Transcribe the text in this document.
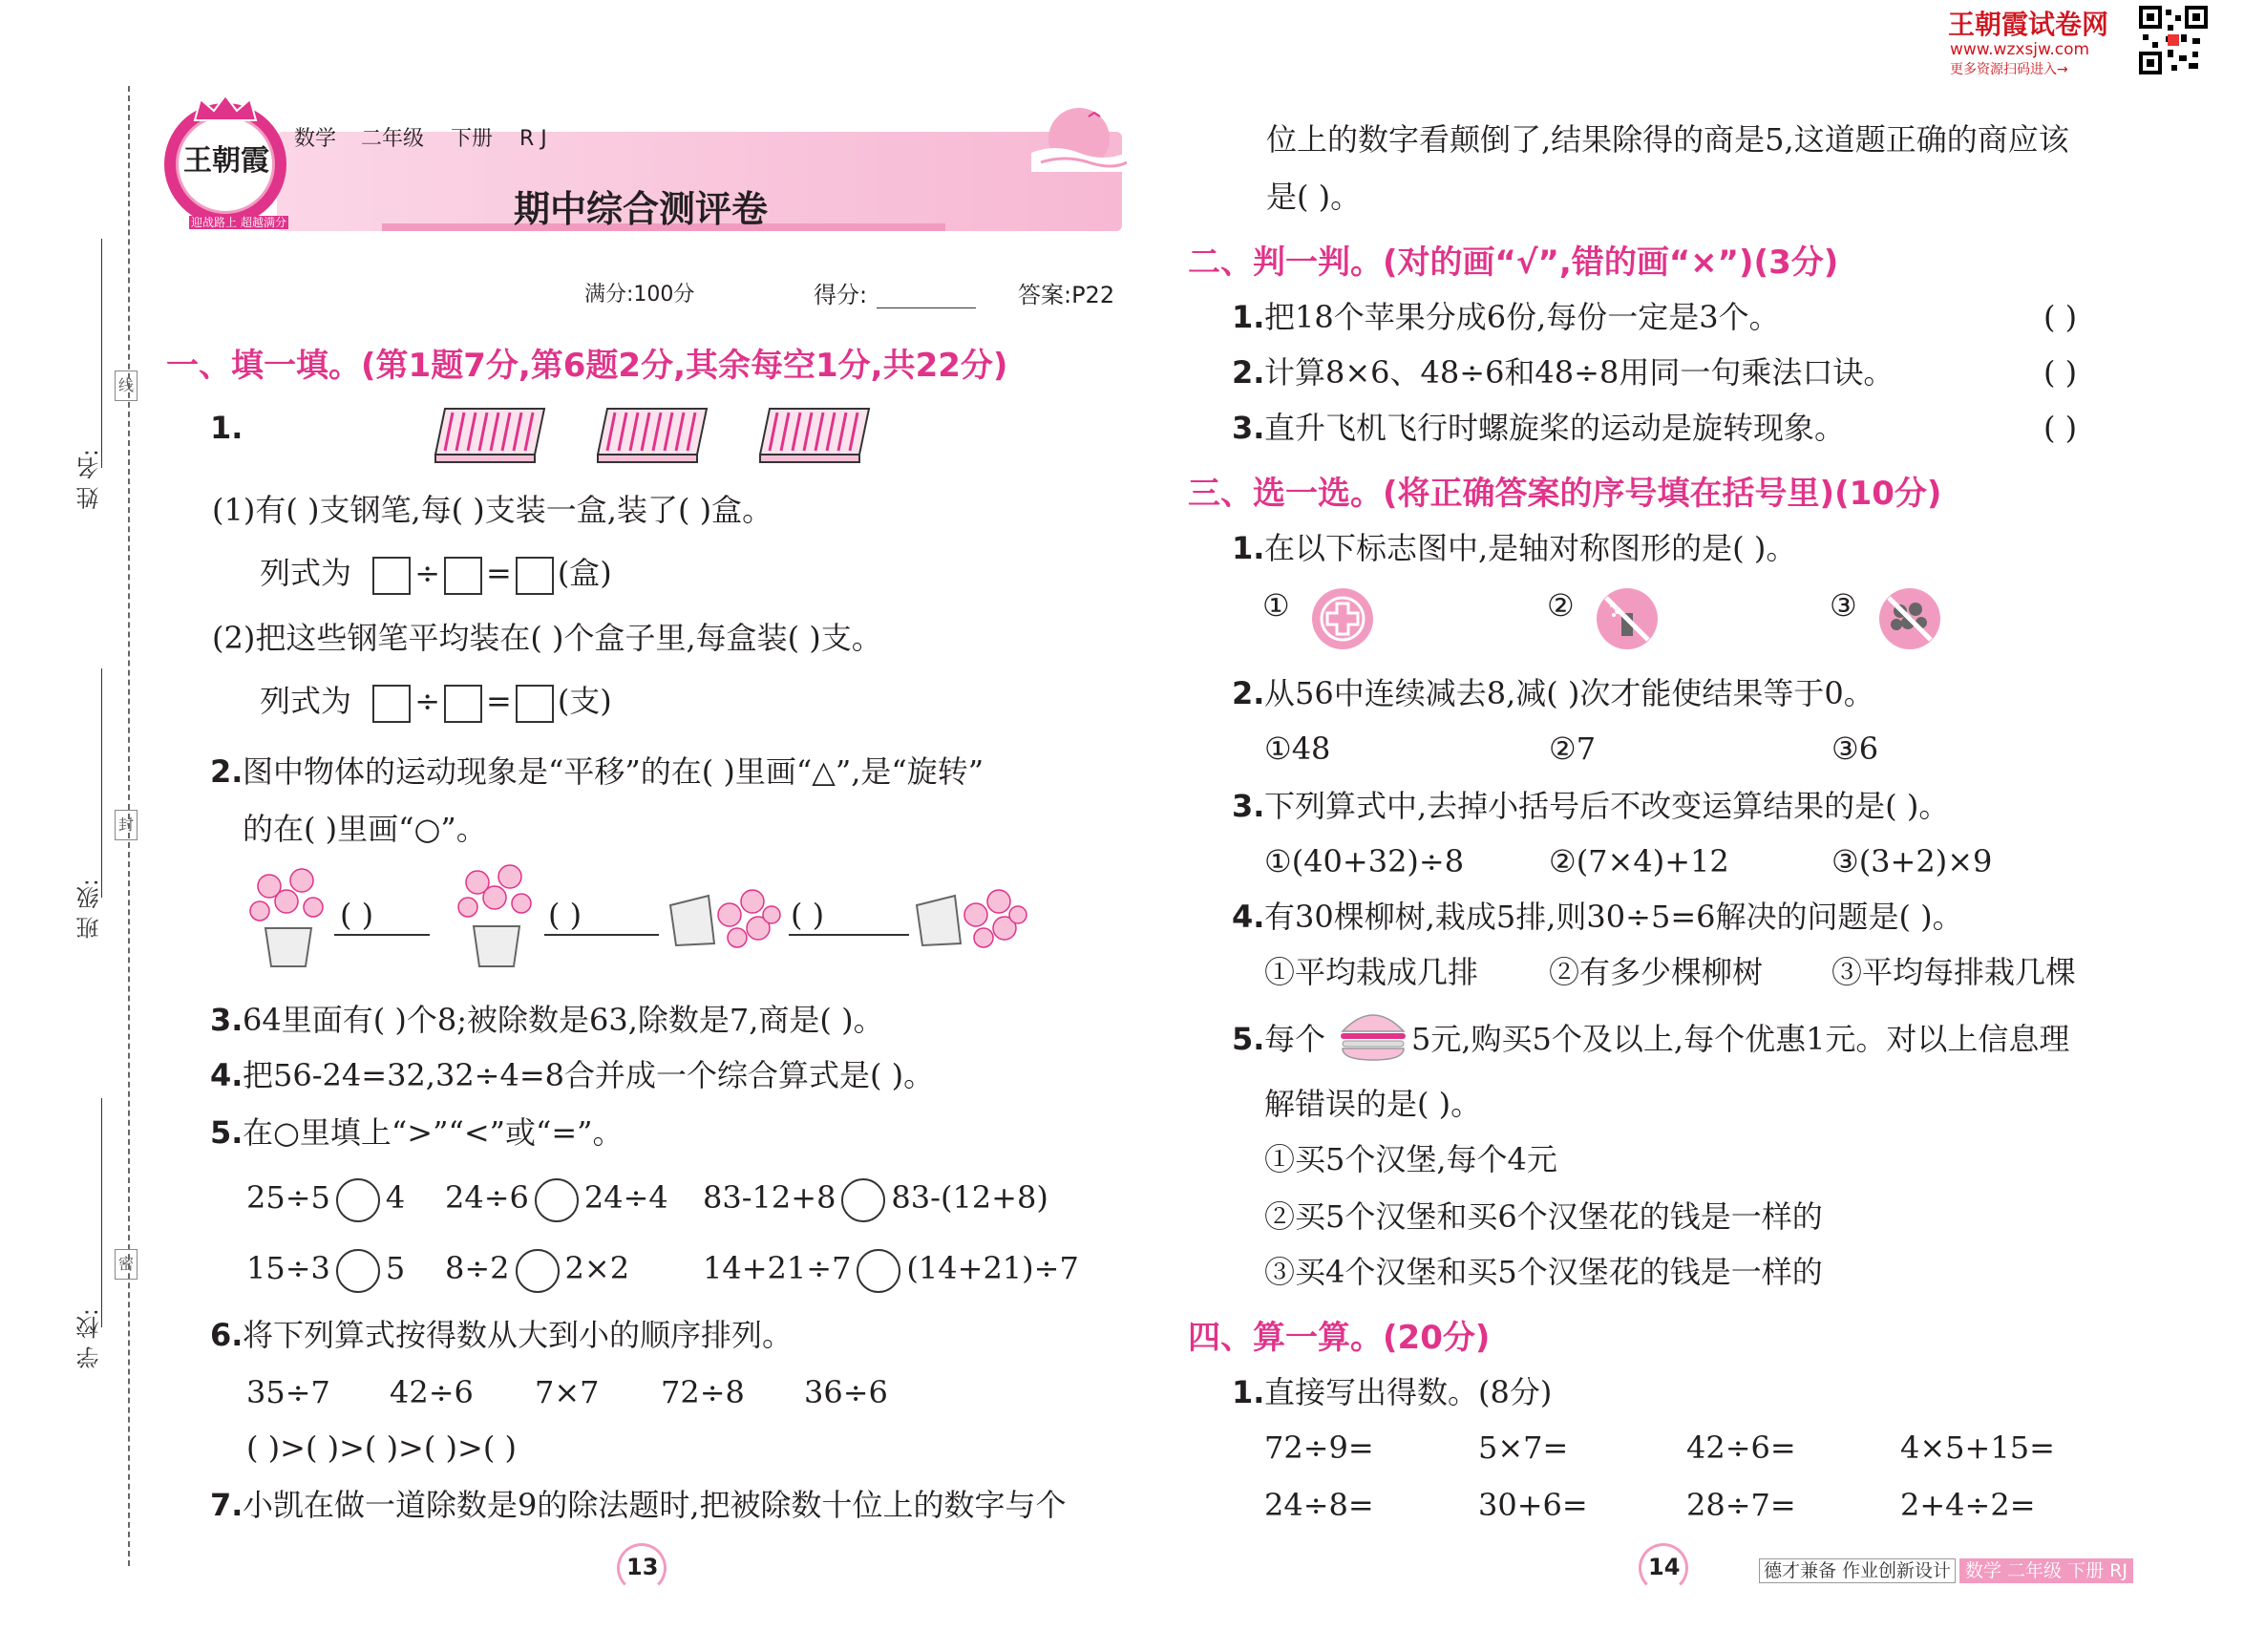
王朝霞试卷网
www.wzxsjw.com
更多资源扫码进入→
姓 名:
班 级:
学 校:
线
封
密
王朝霞
迎战路上 超越满分
数学 二年级 下册 R J
期中综合测评卷
满分:100分	得分:	答案:P22
一、填一填。(第1题7分,第6题2分,其余每空1分,共22分)
1.
(1)有( )支钢笔,每( )支装一盒,装了( )盒。
列式为 ÷ = (盒)
(2)把这些钢笔平均装在( )个盒子里,每盒装( )支。
列式为 ÷ = (支)
2. 图中物体的运动现象是“平移”的在( )里画“△”,是“旋转”
的在( )里画“○”。
( )	( )	( )
3. 64里面有( )个8;被除数是63,除数是7,商是( )。
4. 把56-24=32,32÷4=8合并成一个综合算式是( )。
5. 在○里填上“>”“<”或“=”。
25÷5 4 24÷6 24÷4 83-12+8 83-(12+8)
15÷3 5 8÷2 2×2 14+21÷7 (14+21)÷7
6. 将下列算式按得数从大到小的顺序排列。
35÷7 42÷6 7×7 72÷8 36÷6
( )>( )>( )>( )>( )
7. 小凯在做一道除数是9的除法题时,把被除数十位上的数字与个
13
位上的数字看颠倒了,结果除得的商是5,这道题正确的商应该
是( )。
二、判一判。(对的画“√”,错的画“×”)(3分)
1. 把18个苹果分成6份,每份一定是3个。	( )
2. 计算8×6、48÷6和48÷8用同一句乘法口诀。	( )
3. 直升飞机飞行时螺旋桨的运动是旋转现象。	( )
三、选一选。(将正确答案的序号填在括号里)(10分)
1. 在以下标志图中,是轴对称图形的是( )。
①	②	③
2. 从56中连续减去8,减( )次才能使结果等于0。
①48	②7	③6
3. 下列算式中,去掉小括号后不改变运算结果的是( )。
①(40+32)÷8	②(7×4)+12	③(3+2)×9
4. 有30棵柳树,栽成5排,则30÷5=6解决的问题是( )。
①平均栽成几排 ②有多少棵柳树 ③平均每排栽几棵
5. 每个	5元,购买5个及以上,每个优惠1元。对以上信息理
解错误的是( )。
①买5个汉堡,每个4元
②买5个汉堡和买6个汉堡花的钱是一样的
③买4个汉堡和买5个汉堡花的钱是一样的
四、算一算。(20分)
1. 直接写出得数。(8分)
72÷9=	5×7=	42÷6=	4×5+15=
24÷8=	30+6=	28÷7=	2+4÷2=
14	德才兼备 作业创新设计 数学 二年级 下册 RJ
